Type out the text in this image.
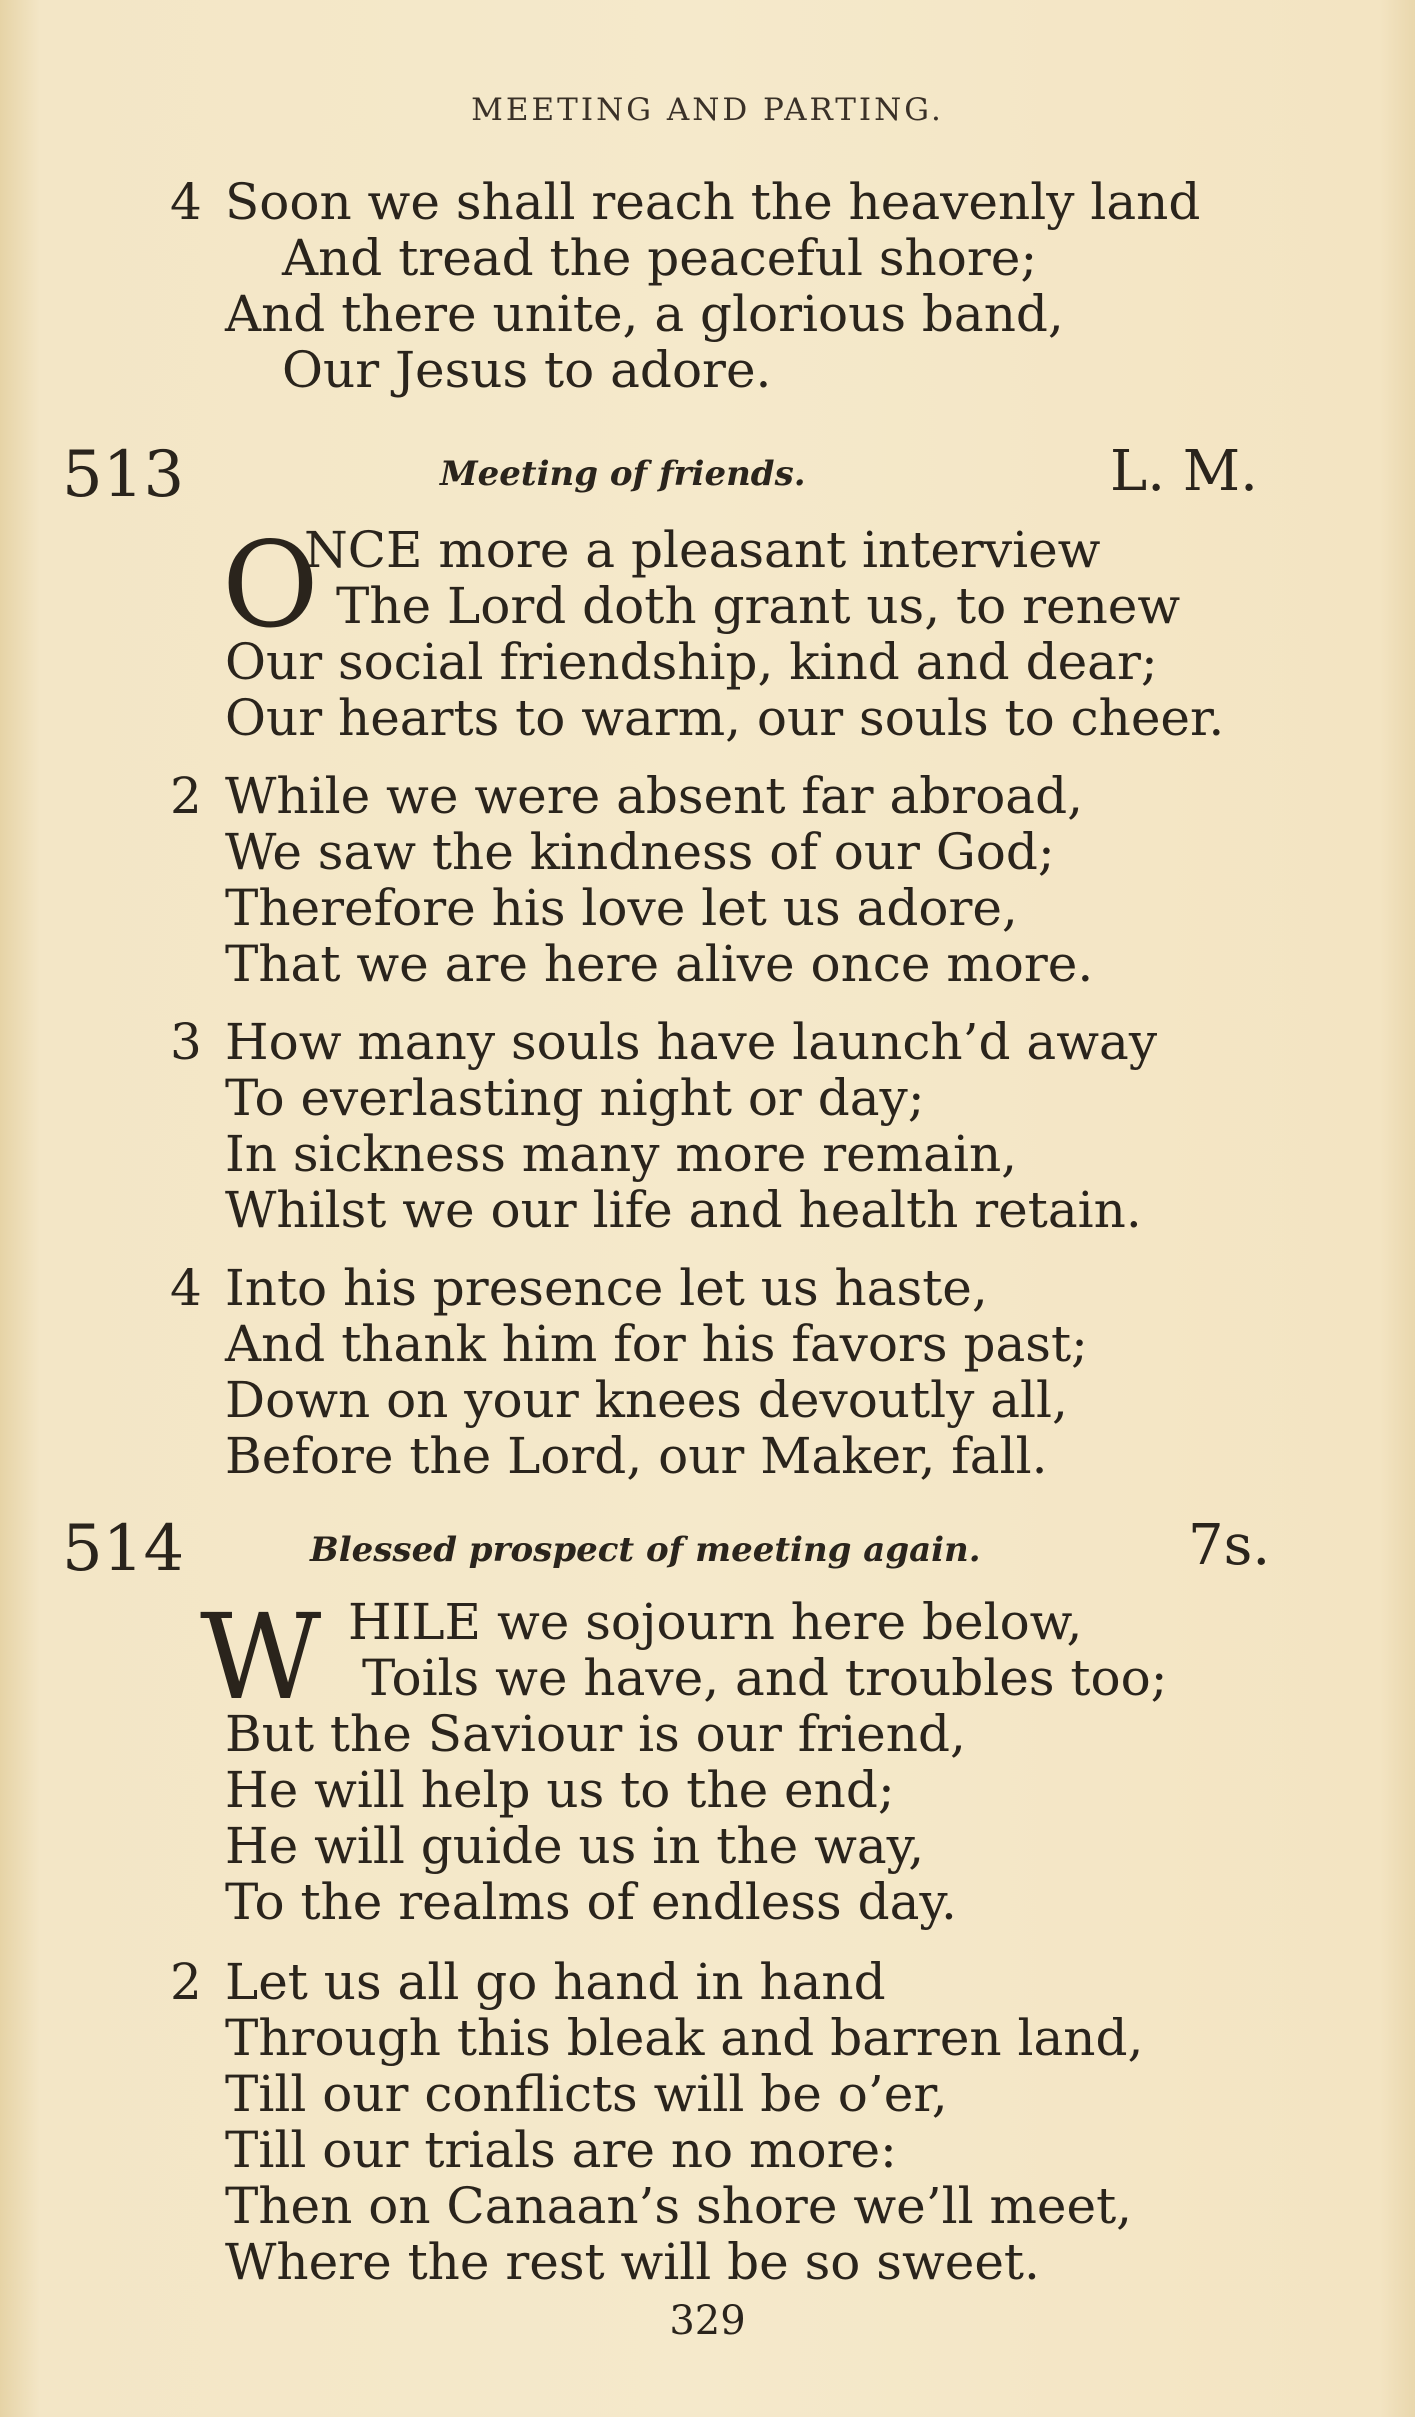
MEETING AND PARTING.
4 Soon we shall reach the heavenly land
And tread the peaceful shore;
And there unite, a glorious band,
Our Jesus to adore.
513	Meeting of friends.	L. M.
O
NCE more a pleasant interview
The Lord doth grant us, to renew
Our social friendship, kind and dear;
Our hearts to warm, our souls to cheer.
2 While we were absent far abroad,
We saw the kindness of our God;
Therefore his love let us adore,
That we are here alive once more.
3 How many souls have launch’d away
To everlasting night or day;
In sickness many more remain,
Whilst we our life and health retain.
4 Into his presence let us haste,
And thank him for his favors past;
Down on your knees devoutly all,
Before the Lord, our Maker, fall.
514	Blessed prospect of meeting again.	7s.
W HILE we sojourn here below,
Toils we have, and troubles too;
But the Saviour is our friend,
He will help us to the end;
He will guide us in the way,
To the realms of endless day.
2 Let us all go hand in hand
Through this bleak and barren land,
Till our conflicts will be o’er,
Till our trials are no more:
Then on Canaan’s shore we’ll meet,
Where the rest will be so sweet.
329
